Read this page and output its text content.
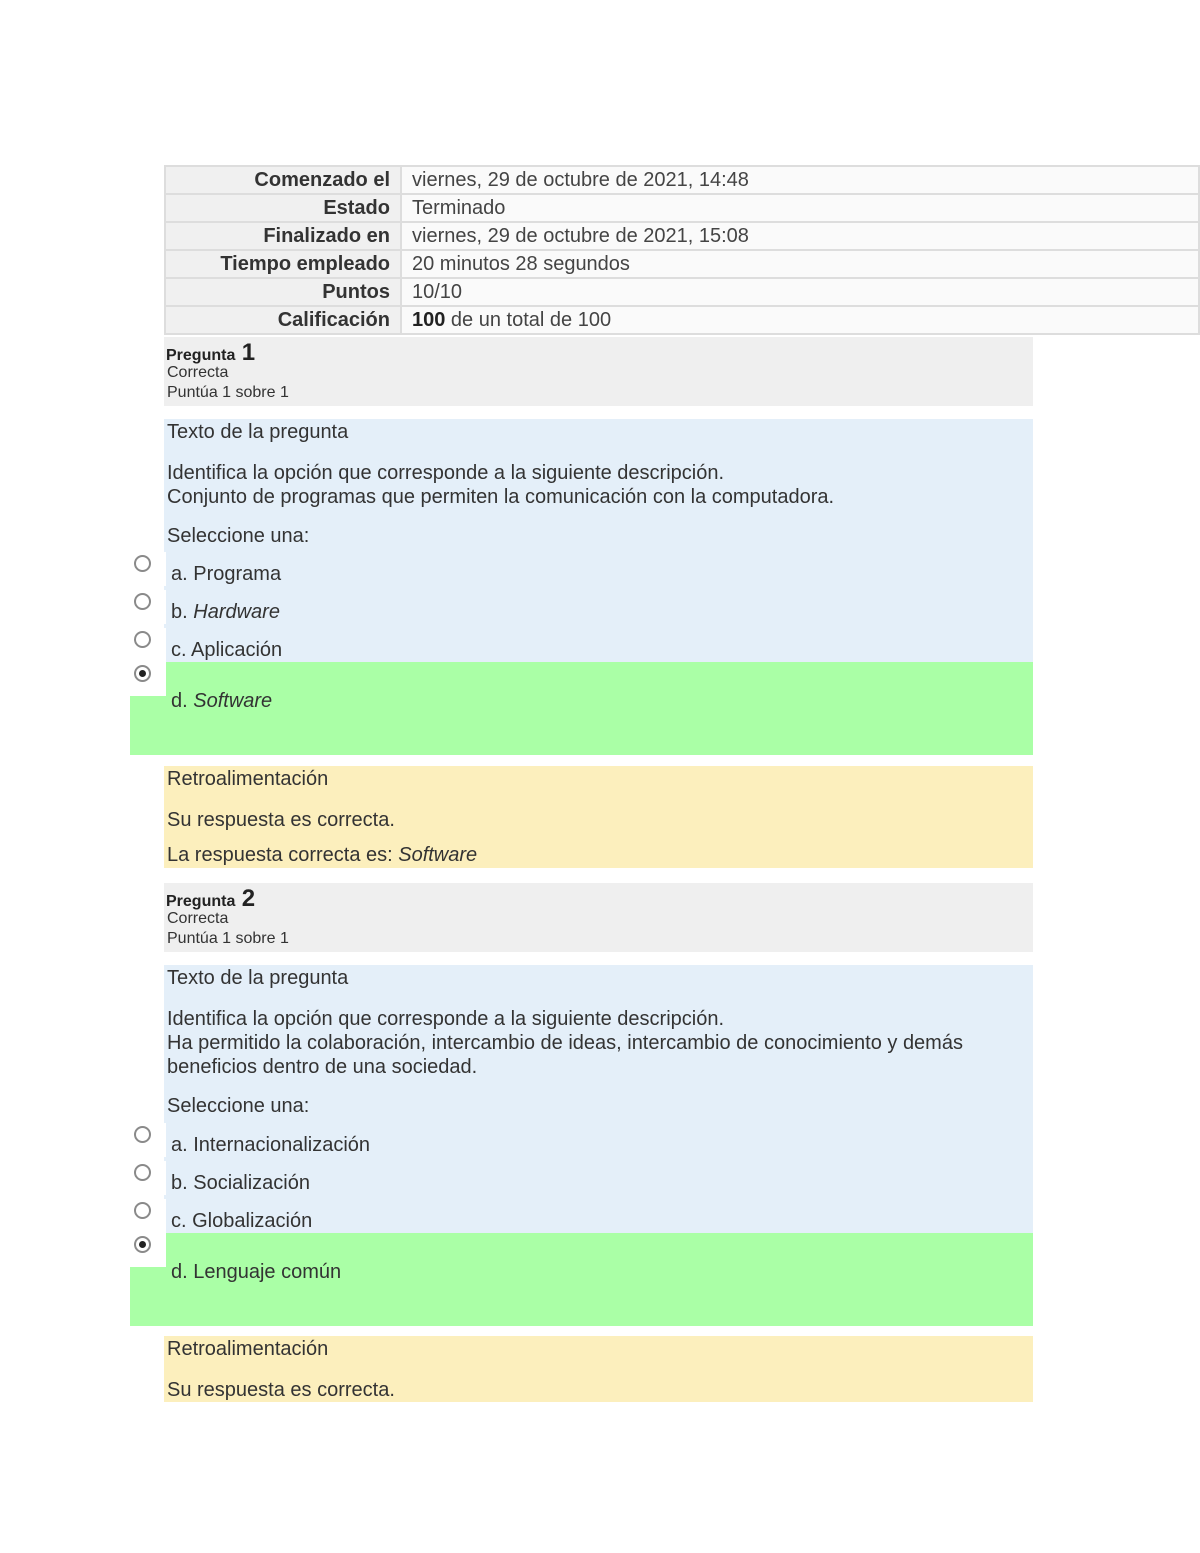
Comenzado el	viernes, 29 de octubre de 2021, 14:48
Estado	Terminado
Finalizado en	viernes, 29 de octubre de 2021, 15:08
Tiempo empleado	20 minutos 28 segundos
Puntos	10/10
Calificación	100 de un total de 100
Pregunta 1
Correcta
Puntúa 1 sobre 1
Texto de la pregunta
Identifica la opción que corresponde a la siguiente descripción.
Conjunto de programas que permiten la comunicación con la computadora.
Seleccione una:
a. Programa
b. Hardware
c. Aplicación
d. Software
Retroalimentación
Su respuesta es correcta.
La respuesta correcta es: Software
Pregunta 2
Correcta
Puntúa 1 sobre 1
Texto de la pregunta
Identifica la opción que corresponde a la siguiente descripción.
Ha permitido la colaboración, intercambio de ideas, intercambio de conocimiento y demás
beneficios dentro de una sociedad.
Seleccione una:
a. Internacionalización
b. Socialización
c. Globalización
d. Lenguaje común
Retroalimentación
Su respuesta es correcta.
